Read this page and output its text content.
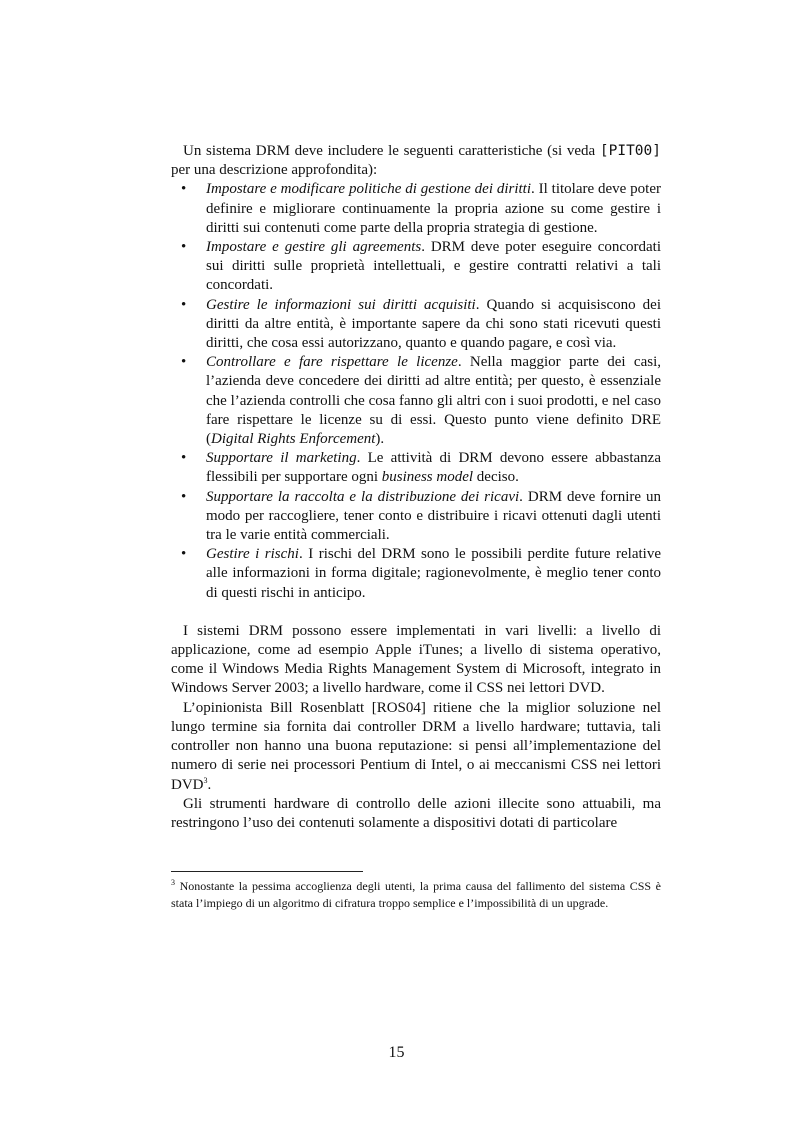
Un sistema DRM deve includere le seguenti caratteristiche (si veda [PIT00] per una descrizione approfondita):

• Impostare e modificare politiche di gestione dei diritti. Il titolare deve poter definire e migliorare continuamente la propria azione su come gestire i diritti sui contenuti come parte della propria strategia di gestione.
• Impostare e gestire gli agreements. DRM deve poter eseguire concordati sui diritti sulle proprietà intellettuali, e gestire contratti relativi a tali concordati.
• Gestire le informazioni sui diritti acquisiti. Quando si acquisiscono dei diritti da altre entità, è importante sapere da chi sono stati ricevuti questi diritti, che cosa essi autorizzano, quanto e quando pagare, e così via.
• Controllare e fare rispettare le licenze. Nella maggior parte dei casi, l’azienda deve concedere dei diritti ad altre entità; per questo, è essenziale che l’azienda controlli che cosa fanno gli altri con i suoi prodotti, e nel caso fare rispettare le licenze su di essi. Questo punto viene definito DRE (Digital Rights Enforcement).
• Supportare il marketing. Le attività di DRM devono essere abbastanza flessibili per supportare ogni business model deciso.
• Supportare la raccolta e la distribuzione dei ricavi. DRM deve fornire un modo per raccogliere, tener conto e distribuire i ricavi ottenuti dagli utenti tra le varie entità commerciali.
• Gestire i rischi. I rischi del DRM sono le possibili perdite future relative alle informazioni in forma digitale; ragionevolmente, è meglio tener conto di questi rischi in anticipo.

I sistemi DRM possono essere implementati in vari livelli: a livello di applicazione, come ad esempio Apple iTunes; a livello di sistema operativo, come il Windows Media Rights Management System di Microsoft, integrato in Windows Server 2003; a livello hardware, come il CSS nei lettori DVD.

L’opinionista Bill Rosenblatt [ROS04] ritiene che la miglior soluzione nel lungo termine sia fornita dai controller DRM a livello hardware; tuttavia, tali controller non hanno una buona reputazione: si pensi all’implementazione del numero di serie nei processori Pentium di Intel, o ai meccanismi CSS nei lettori DVD$^3$.

Gli strumenti hardware di controllo delle azioni illecite sono attuabili, ma restringono l’uso dei contenuti solamente a dispositivi dotati di particolare

$^3$ Nonostante la pessima accoglienza degli utenti, la prima causa del fallimento del sistema CSS è stata l’impiego di un algoritmo di cifratura troppo semplice e l’impossibilità di un upgrade.
15
